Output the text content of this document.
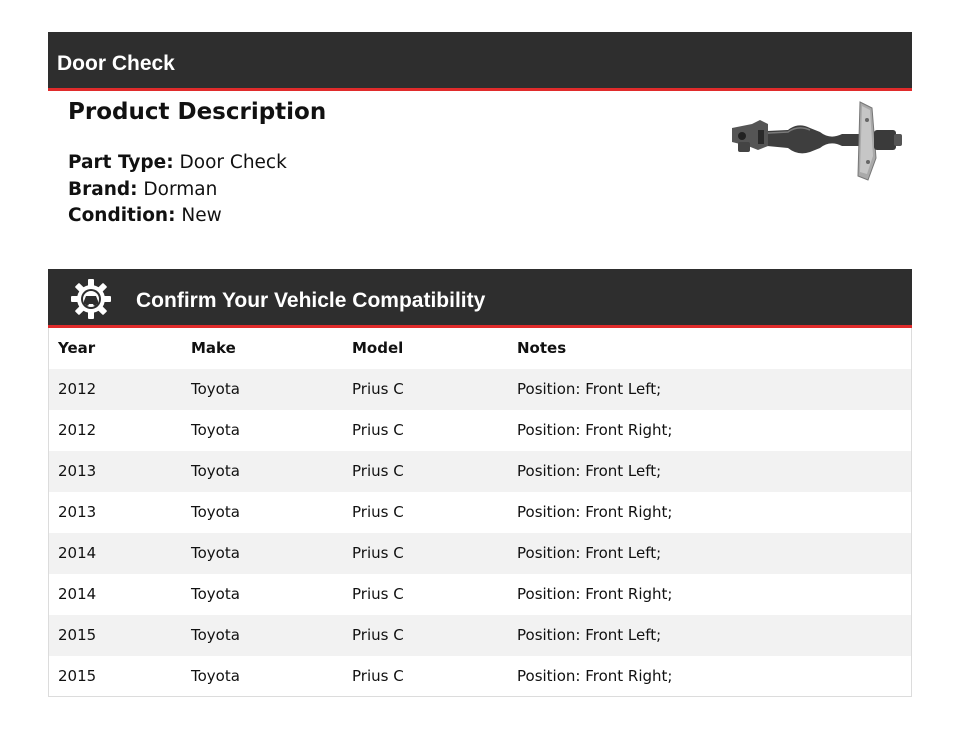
Door Check
Product Description
Part Type: Door Check
Brand: Dorman
Condition: New
Confirm Your Vehicle Compatibility
Year	Make	Model	Notes
2012	Toyota	Prius C	Position: Front Left;
2012	Toyota	Prius C	Position: Front Right;
2013	Toyota	Prius C	Position: Front Left;
2013	Toyota	Prius C	Position: Front Right;
2014	Toyota	Prius C	Position: Front Left;
2014	Toyota	Prius C	Position: Front Right;
2015	Toyota	Prius C	Position: Front Left;
2015	Toyota	Prius C	Position: Front Right;
